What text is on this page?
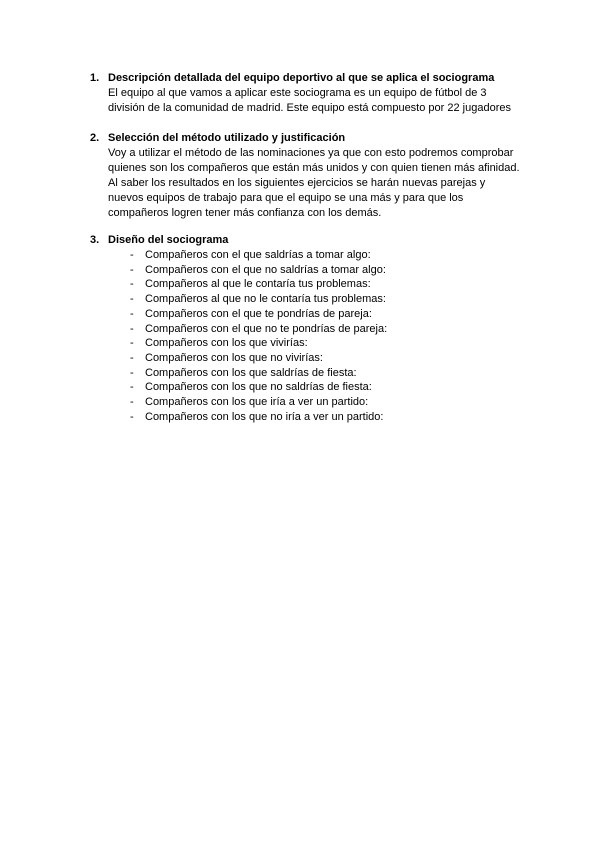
1. Descripción detallada del equipo deportivo al que se aplica el sociograma
El equipo al que vamos a aplicar este sociograma es un equipo de fútbol de 3
división de la comunidad de madrid. Este equipo está compuesto por 22 jugadores
2. Selección del método utilizado y justificación
Voy a utilizar el método de las nominaciones ya que con esto podremos comprobar
quienes son los compañeros que están más unidos y con quien tienen más afinidad.
Al saber los resultados en los siguientes ejercicios se harán nuevas parejas y
nuevos equipos de trabajo para que el equipo se una más y para que los
compañeros logren tener más confianza con los demás.
3. Diseño del sociograma
- Compañeros con el que saldrías a tomar algo:
- Compañeros con el que no saldrías a tomar algo:
- Compañeros al que le contaría tus problemas:
- Compañeros al que no le contaría tus problemas:
- Compañeros con el que te pondrías de pareja:
- Compañeros con el que no te pondrías de pareja:
- Compañeros con los que vivirías:
- Compañeros con los que no vivirías:
- Compañeros con los que saldrías de fiesta:
- Compañeros con los que no saldrías de fiesta:
- Compañeros con los que iría a ver un partido:
- Compañeros con los que no iría a ver un partido:
